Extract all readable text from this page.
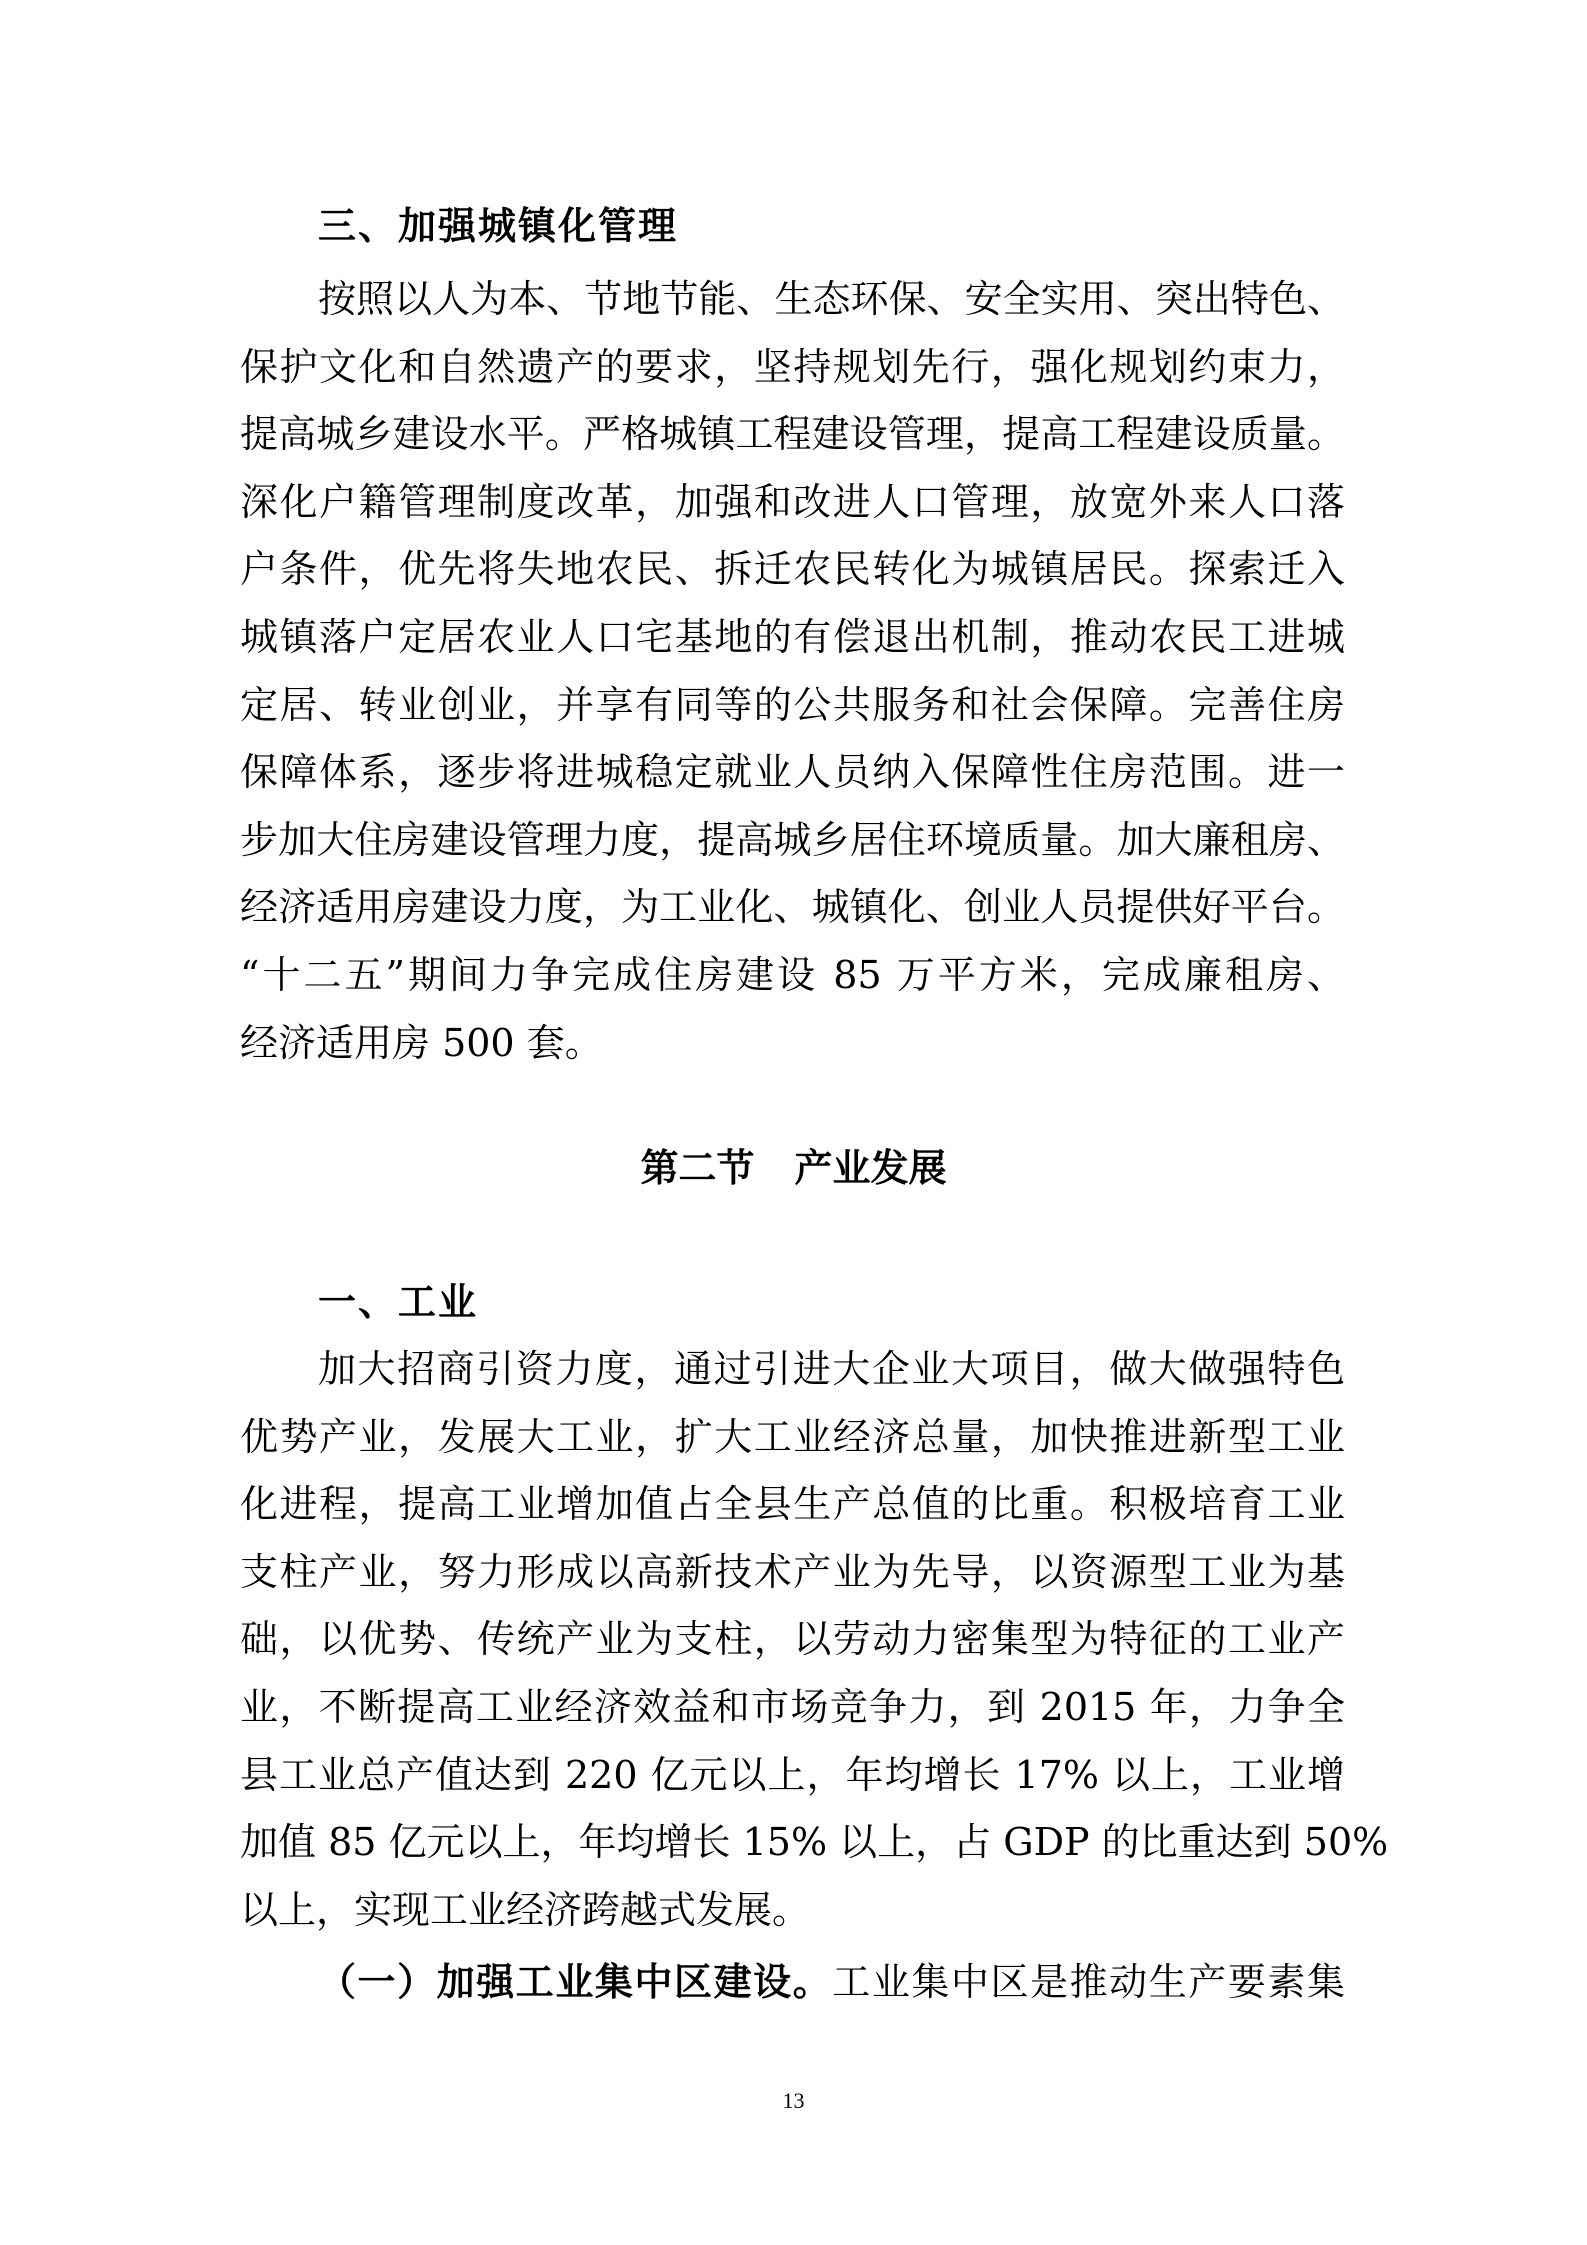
三、加强城镇化管理
按照以人为本、节地节能、生态环保、安全实用、突出特色、
保护文化和自然遗产的要求，坚持规划先行，强化规划约束力，
提高城乡建设水平。严格城镇工程建设管理，提高工程建设质量。
深化户籍管理制度改革，加强和改进人口管理，放宽外来人口落
户条件，优先将失地农民、拆迁农民转化为城镇居民。探索迁入
城镇落户定居农业人口宅基地的有偿退出机制，推动农民工进城
定居、转业创业，并享有同等的公共服务和社会保障。完善住房
保障体系，逐步将进城稳定就业人员纳入保障性住房范围。进一
步加大住房建设管理力度，提高城乡居住环境质量。加大廉租房、
经济适用房建设力度，为工业化、城镇化、创业人员提供好平台。
“十二五”期间力争完成住房建设 85 万平方米，完成廉租房、
经济适用房 500 套。
第二节 产业发展
一、工业
加大招商引资力度，通过引进大企业大项目，做大做强特色
优势产业，发展大工业，扩大工业经济总量，加快推进新型工业
化进程，提高工业增加值占全县生产总值的比重。积极培育工业
支柱产业，努力形成以高新技术产业为先导，以资源型工业为基
础，以优势、传统产业为支柱，以劳动力密集型为特征的工业产
业，不断提高工业经济效益和市场竞争力，到 2015 年，力争全
县工业总产值达到 220 亿元以上，年均增长 17% 以上，工业增
加值 85 亿元以上，年均增长 15% 以上，占 GDP 的比重达到 50%
以上，实现工业经济跨越式发展。
（一）加强工业集中区建设。工业集中区是推动生产要素集
13
